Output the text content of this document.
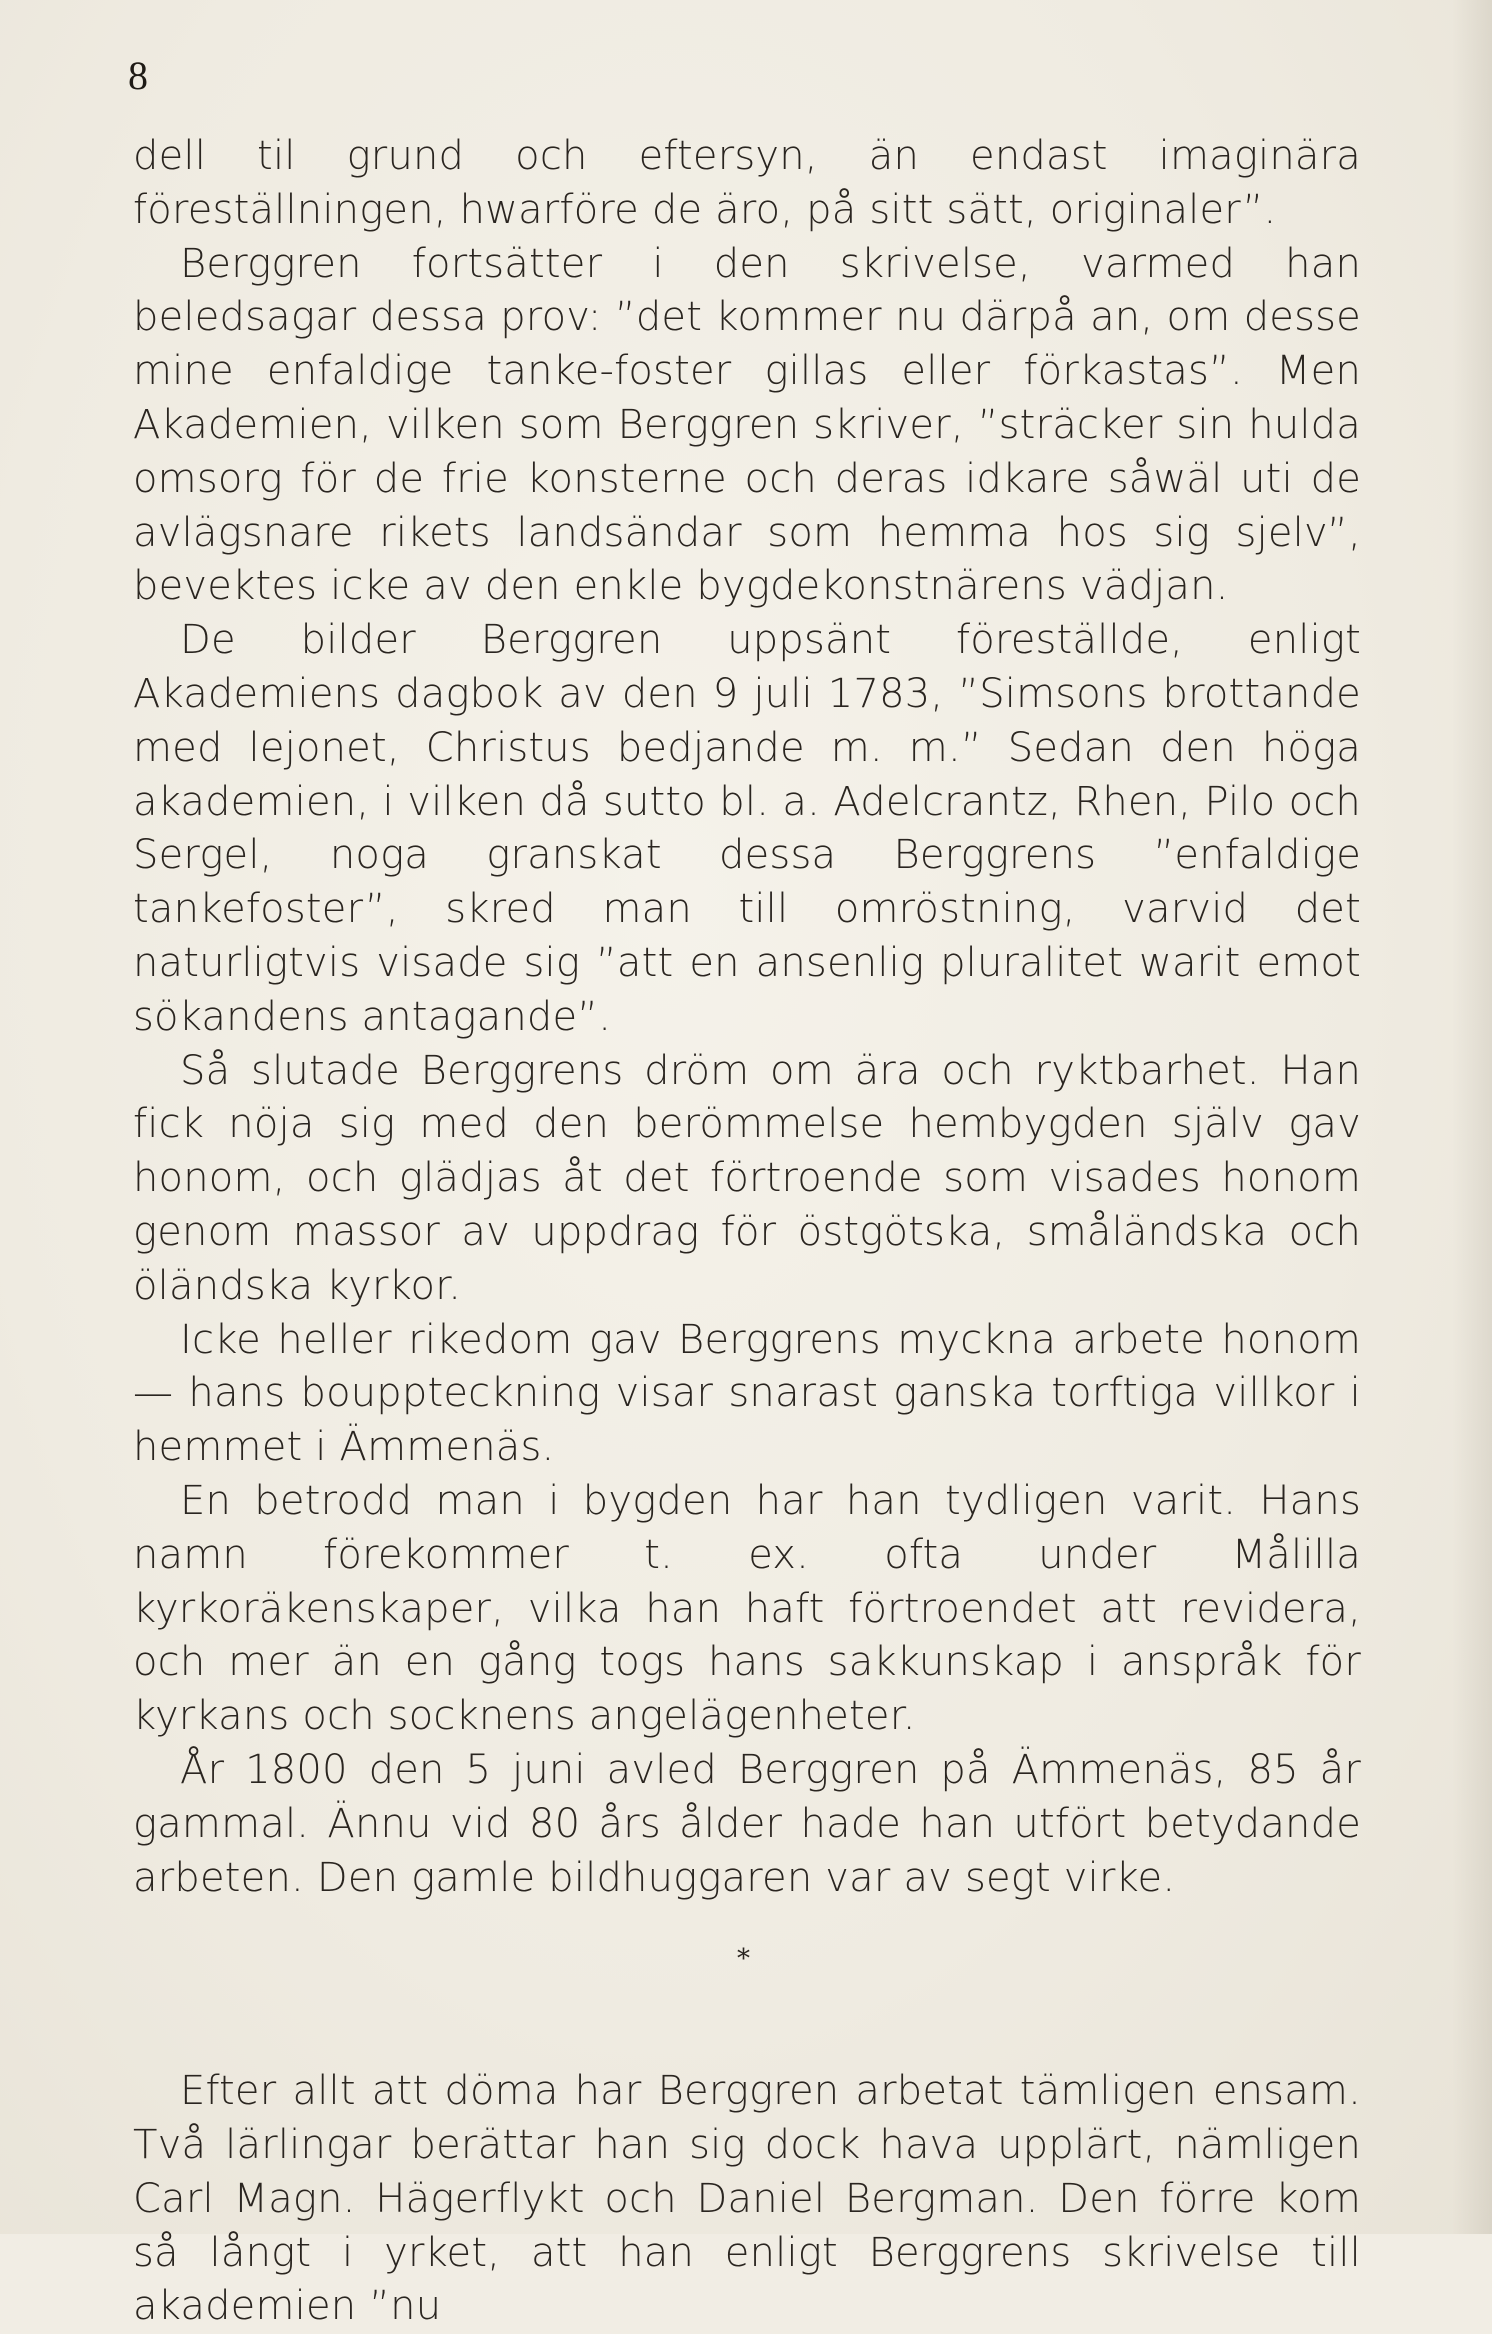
8

dell til grund och eftersyn, än endast imaginära föreställningen, hwarföre de äro, på sitt sätt, originaler”.

Berggren fortsätter i den skrivelse, varmed han beledsagar dessa prov: ”det kommer nu därpå an, om desse mine enfaldige tanke-foster gillas eller förkastas”. Men Akademien, vilken som Berggren skriver, ”sträcker sin hulda omsorg för de frie konsterne och deras idkare såwäl uti de avlägsnare rikets landsändar som hemma hos sig sjelv”, bevektes icke av den enkle bygdekonstnärens vädjan.

De bilder Berggren uppsänt föreställde, enligt Akademiens dagbok av den 9 juli 1783, ”Simsons brottande med lejonet, Christus bedjande m. m.” Sedan den höga akademien, i vilken då sutto bl. a. Adelcrantz, Rhen, Pilo och Sergel, noga granskat dessa Berggrens ”enfaldige tankefoster”, skred man till omröstning, varvid det naturligtvis visade sig ”att en ansenlig pluralitet warit emot sökandens antagande”.

Så slutade Berggrens dröm om ära och ryktbarhet. Han fick nöja sig med den berömmelse hembygden själv gav honom, och glädjas åt det förtroende som visades honom genom massor av uppdrag för östgötska, småländska och öländska kyrkor.

Icke heller rikedom gav Berggrens myckna arbete honom — hans bouppteckning visar snarast ganska torftiga villkor i hemmet i Ämmenäs.

En betrodd man i bygden har han tydligen varit. Hans namn förekommer t. ex. ofta under Målilla kyrkoräkenskaper, vilka han haft förtroendet att revidera, och mer än en gång togs hans sakkunskap i anspråk för kyrkans och socknens angelägenheter.

År 1800 den 5 juni avled Berggren på Ämmenäs, 85 år gammal. Ännu vid 80 års ålder hade han utfört betydande arbeten. Den gamle bildhuggaren var av segt virke.

*

Efter allt att döma har Berggren arbetat tämligen ensam. Två lärlingar berättar han sig dock hava upplärt, nämligen Carl Magn. Hägerflykt och Daniel Bergman. Den förre kom så långt i yrket, att han enligt Berggrens skrivelse till akademien ”nu
